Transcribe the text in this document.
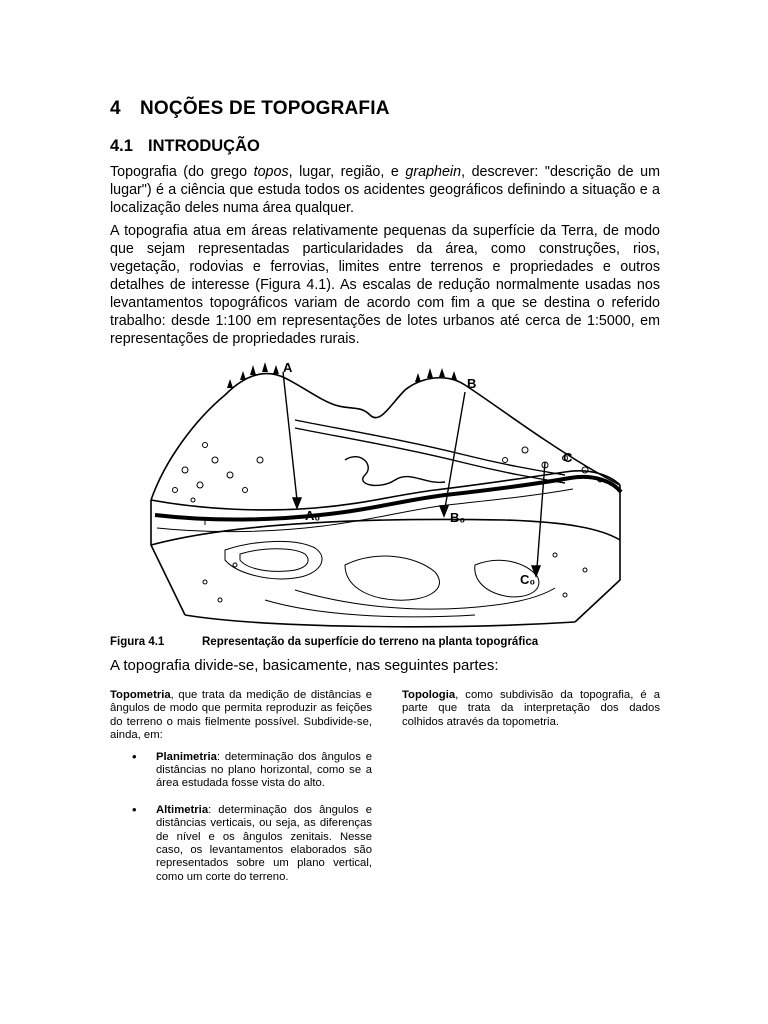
4 NOÇÕES DE TOPOGRAFIA
4.1 INTRODUÇÃO

Topografia (do grego topos, lugar, região, e graphein, descrever: "descrição de um lugar") é a ciência que estuda todos os acidentes geográficos definindo a situação e a localização deles numa área qualquer.

A topografia atua em áreas relativamente pequenas da superfície da Terra, de modo que sejam representadas particularidades da área, como construções, rios, vegetação, rodovias e ferrovias, limites entre terrenos e propriedades e outros detalhes de interesse (Figura 4.1). As escalas de redução normalmente usadas nos levantamentos topográficos variam de acordo com fim a que se destina o referido trabalho: desde 1:100 em representações de lotes urbanos até cerca de 1:5000, em representações de propriedades rurais.

A
B
C
A₀	B₀
C₀
Figura 4.1	Representação da superfície do terreno na planta topográfica
A topografia divide-se, basicamente, nas seguintes partes:

Topometria, que trata da medição de distâncias e ângulos de modo que permita reproduzir as feições do terreno o mais fielmente possível. Subdivide-se, ainda, em:

• Planimetria: determinação dos ângulos e distâncias no plano horizontal, como se a área estudada fosse vista do alto.
• Altimetria: determinação dos ângulos e distâncias verticais, ou seja, as diferenças de nível e os ângulos zenitais. Nesse caso, os levantamentos elaborados são representados sobre um plano vertical, como um corte do terreno.

Topologia, como subdivisão da topografia, é a parte que trata da interpretação dos dados colhidos através da topometria.
